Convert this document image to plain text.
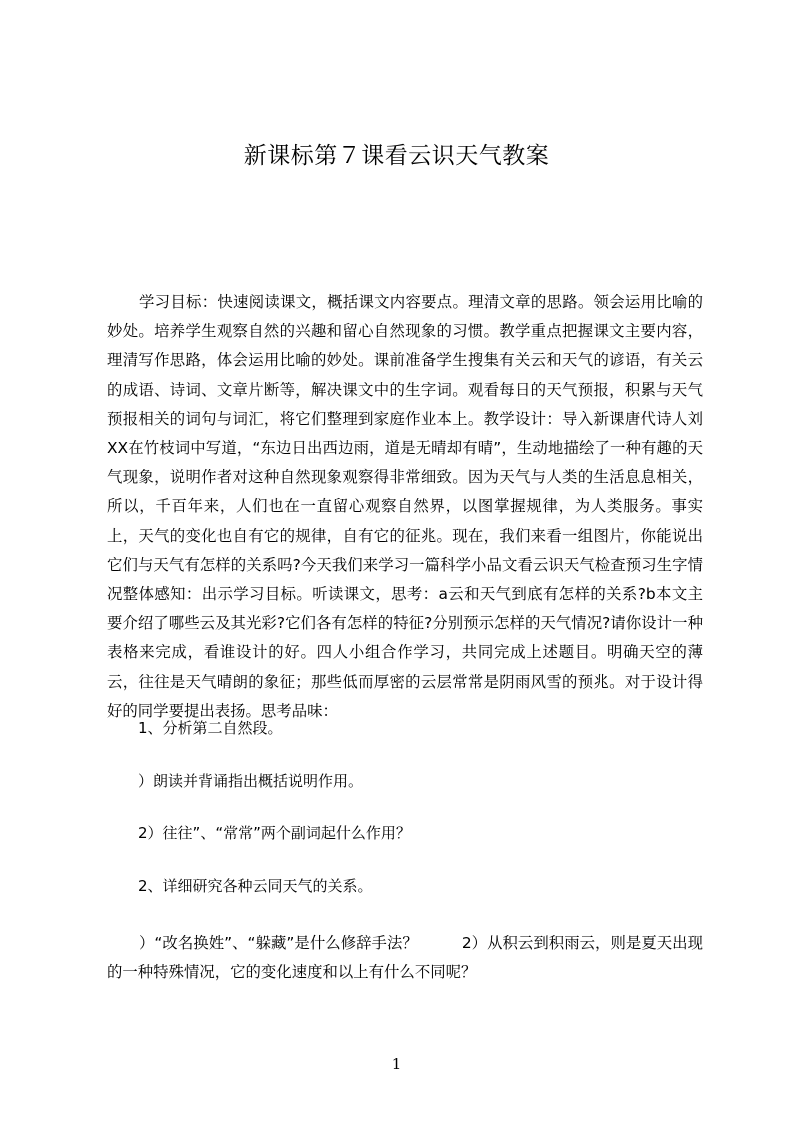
新课标第７课看云识天气教案

学习目标：快速阅读课文，概括课文内容要点。理清文章的思路。领会运用比喻的妙处。培养学生观察自然的兴趣和留心自然现象的习惯。教学重点把握课文主要内容，理清写作思路，体会运用比喻的妙处。课前准备学生搜集有关云和天气的谚语，有关云的成语、诗词、文章片断等，解决课文中的生字词。观看每日的天气预报，积累与天气预报相关的词句与词汇，将它们整理到家庭作业本上。教学设计：导入新课唐代诗人刘XX在竹枝词中写道，“东边日出西边雨，道是无晴却有晴”，生动地描绘了一种有趣的天气现象，说明作者对这种自然现象观察得非常细致。因为天气与人类的生活息息相关，所以，千百年来，人们也在一直留心观察自然界，以图掌握规律，为人类服务。事实上，天气的变化也自有它的规律，自有它的征兆。现在，我们来看一组图片，你能说出它们与天气有怎样的关系吗?今天我们来学习一篇科学小品文看云识天气检查预习生字情况整体感知：出示学习目标。听读课文，思考：a云和天气到底有怎样的关系?b本文主要介绍了哪些云及其光彩?它们各有怎样的特征?分别预示怎样的天气情况?请你设计一种表格来完成，看谁设计的好。四人小组合作学习，共同完成上述题目。明确天空的薄云，往往是天气晴朗的象征；那些低而厚密的云层常常是阴雨风雪的预兆。对于设计得好的同学要提出表扬。思考品味：

1、分析第二自然段。

）朗读并背诵指出概括说明作用。

2）往往”、“常常”两个副词起什么作用？

2、详细研究各种云同天气的关系。

）“改名换姓”、“躲藏”是什么修辞手法？	2）从积云到积雨云，则是夏天出现的一种特殊情况，它的变化速度和以上有什么不同呢？

1
